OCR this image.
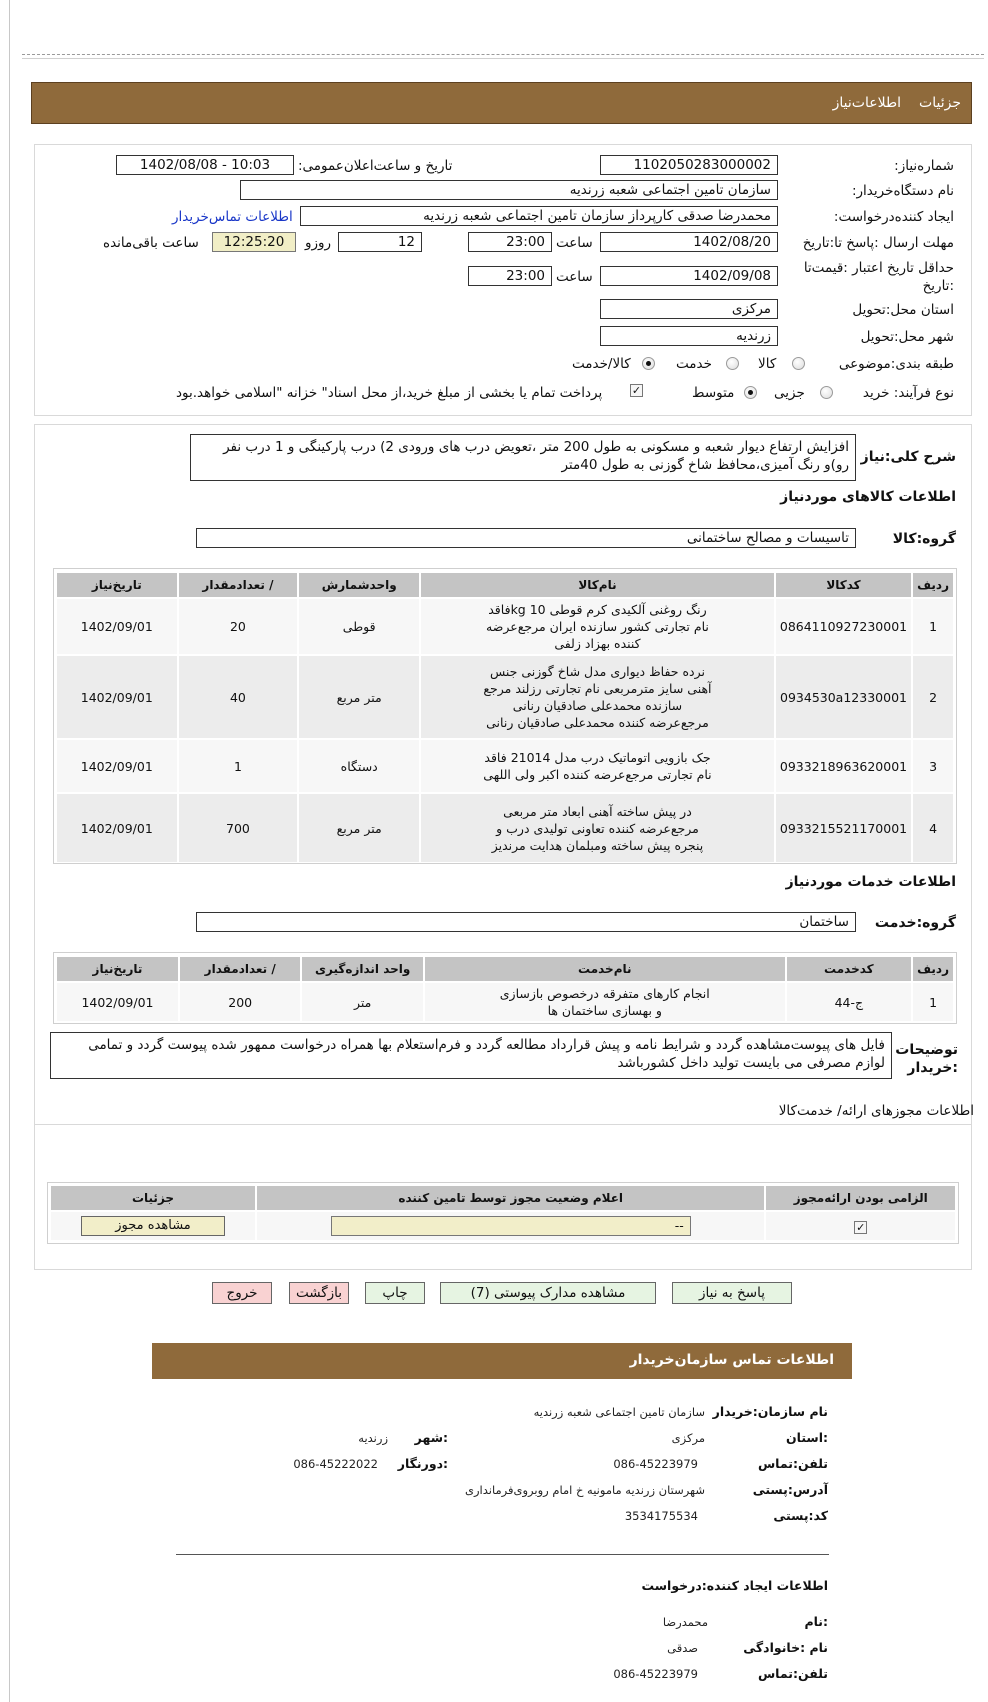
جزئیات
اطلاعات‌نیاز
شماره‌نیاز:
1102050283000002
تاریخ و ساعت‌اعلان‌عمومی:
1402/08/08 - 10:03
نام دستگاه‌خریدار:
سازمان تامین اجتماعی شعبه زرندیه
ایجاد کننده‌درخواست:
محمدرضا صدقی کارپرداز سازمان تامین اجتماعی شعبه زرندیه
اطلاعات تماس‌خریدار
مهلت ارسال :پاسخ تا:تاریخ
1402/08/20
ساعت
23:00
12
روزو
12:25:20
ساعت باقی‌مانده
حداقل تاریخ اعتبار :قیمت‌تا
:تاریخ
1402/09/08
ساعت
23:00
استان محل:تحویل
مرکزی
شهر محل:تحویل
زرندیه
طبقه بندی:موضوعی
کالا
خدمت
کالا/خدمت
نوع فرآیند: خرید
جزیی
متوسط
✓
پرداخت تمام یا بخشی از مبلغ خرید،از محل اسناد" خزانه "اسلامی خواهد.بود
شرح کلی:نیاز
افزایش ارتفاع دیوار شعبه و مسکونی به طول 200 متر ،تعویض درب های ورودی 2) درب پارکینگی و 1 درب نفر رو)و رنگ آمیزی،محافظ شاخ گوزنی به طول 40متر
اطلاعات کالاهای موردنیاز
گروه:کالا
تاسیسات و مصالح ساختمانی
ردیف	کدکالا	نام‌کالا	واحدشمارش	/ تعدادمقدار	تاریخ‌نیاز
1	0864110927230001	رنگ روغنی آلکیدی کرم قوطی 10 kgفاقد نام تجارتی کشور سازنده ایران مرجع‌عرضه کننده بهزاد زلفی	قوطی	20	1402/09/01
2	0934530a12330001	نرده حفاظ دیواری مدل شاخ گوزنی جنس آهنی سایز مترمربعی نام تجارتی رزلند مرجع سازنده محمدعلی صادقیان رنانی مرجع‌عرضه کننده محمدعلی صادقیان رنانی	متر مربع	40	1402/09/01
3	0933218963620001	جک بازویی اتوماتیک درب مدل 21014 فاقد نام تجارتی مرجع‌عرضه کننده اکبر ولی اللهی	دستگاه	1	1402/09/01
4	0933215521170001	در پیش ساخته آهنی ابعاد متر مربعی مرجع‌عرضه کننده تعاونی تولیدی درب و پنجره پیش ساخته ومبلمان هدایت مرندیز	متر مربع	700	1402/09/01
اطلاعات خدمات موردنیاز
گروه:خدمت
ساختمان
ردیف	کدخدمت	نام‌خدمت	واحد اندازه‌گیری	/ تعدادمقدار	تاریخ‌نیاز
1	ج-44	انجام کارهای متفرقه درخصوص بازسازی و بهسازی ساختمان ها	متر	200	1402/09/01
توضیحات :خریدار
فایل های پیوست‌مشاهده گردد و شرایط نامه و پیش قرارداد مطالعه گردد و فرم‌استعلام بها همراه درخواست ممهور شده پیوست گردد و تمامی لوازم مصرفی می بایست تولید داخل کشورباشد
اطلاعات مجوزهای ارائه/ خدمت‌کالا
الزامی بودن ارائه‌مجوز	اعلام وضعیت مجوز توسط تامین کننده	جزئیات
✓	--	مشاهده مجوز
پاسخ به نیاز
مشاهده مدارک پیوستی (7)
چاپ
بازگشت
خروج
اطلاعات تماس سازمان‌خریدار
نام سازمان:خریدار
سازمان تامین اجتماعی شعبه زرندیه
:استان
مرکزی
:شهر
زرندیه
تلفن:تماس
086-45223979
:دورنگار
086-45222022
آدرس:پستی
شهرستان زرندیه مامونیه خ امام روبروی‌فرمانداری
کد:پستی
3534175534
اطلاعات ایجاد کننده:درخواست
:نام
محمدرضا
نام :خانوادگی
صدقی
تلفن:تماس
086-45223979
